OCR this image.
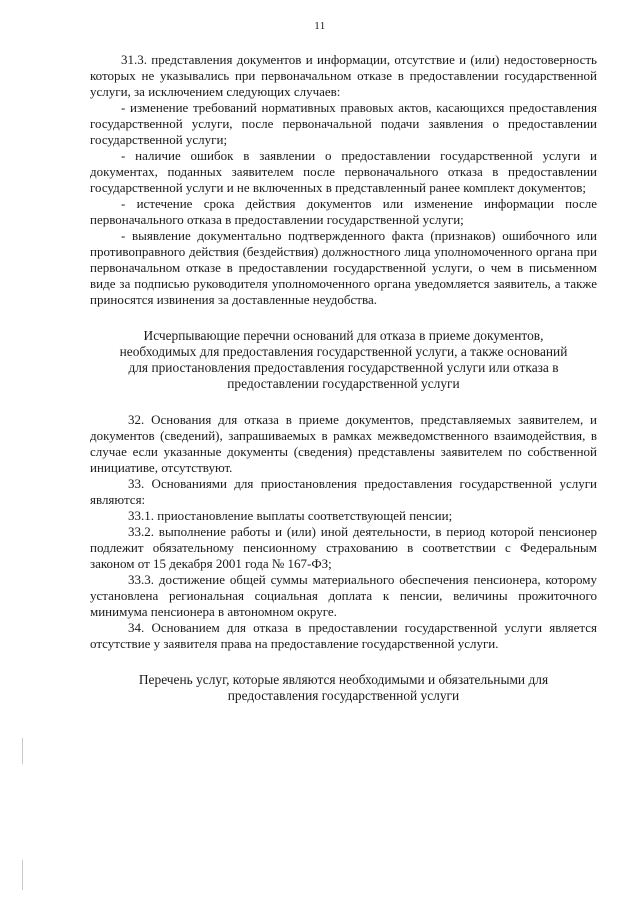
11

31.3. представления документов и информации, отсутствие и (или) недостоверность которых не указывались при первоначальном отказе в предоставлении государственной услуги, за исключением следующих случаев:

- изменение требований нормативных правовых актов, касающихся предоставления государственной услуги, после первоначальной подачи заявления о предоставлении государственной услуги;

- наличие ошибок в заявлении о предоставлении государственной услуги и документах, поданных заявителем после первоначального отказа в предоставлении государственной услуги и не включенных в представленный ранее комплект документов;

- истечение срока действия документов или изменение информации после первоначального отказа в предоставлении государственной услуги;

- выявление документально подтвержденного факта (признаков) ошибочного или противоправного действия (бездействия) должностного лица уполномоченного органа при первоначальном отказе в предоставлении государственной услуги, о чем в письменном виде за подписью руководителя уполномоченного органа уведомляется заявитель, а также приносятся извинения за доставленные неудобства.

Исчерпывающие перечни оснований для отказа в приеме документов,
необходимых для предоставления государственной услуги, а также оснований
для приостановления предоставления государственной услуги или отказа в
предоставлении государственной услуги

32. Основания для отказа в приеме документов, представляемых заявителем, и документов (сведений), запрашиваемых в рамках межведомственного взаимодействия, в случае если указанные документы (сведения) представлены заявителем по собственной инициативе, отсутствуют.

33. Основаниями для приостановления предоставления государственной услуги являются:

33.1. приостановление выплаты соответствующей пенсии;

33.2. выполнение работы и (или) иной деятельности, в период которой пенсионер подлежит обязательному пенсионному страхованию в соответствии с Федеральным законом от 15 декабря 2001 года № 167-ФЗ;

33.3. достижение общей суммы материального обеспечения пенсионера, которому установлена региональная социальная доплата к пенсии, величины прожиточного минимума пенсионера в автономном округе.

34. Основанием для отказа в предоставлении государственной услуги является отсутствие у заявителя права на предоставление государственной услуги.

Перечень услуг, которые являются необходимыми и обязательными для
предоставления государственной услуги
